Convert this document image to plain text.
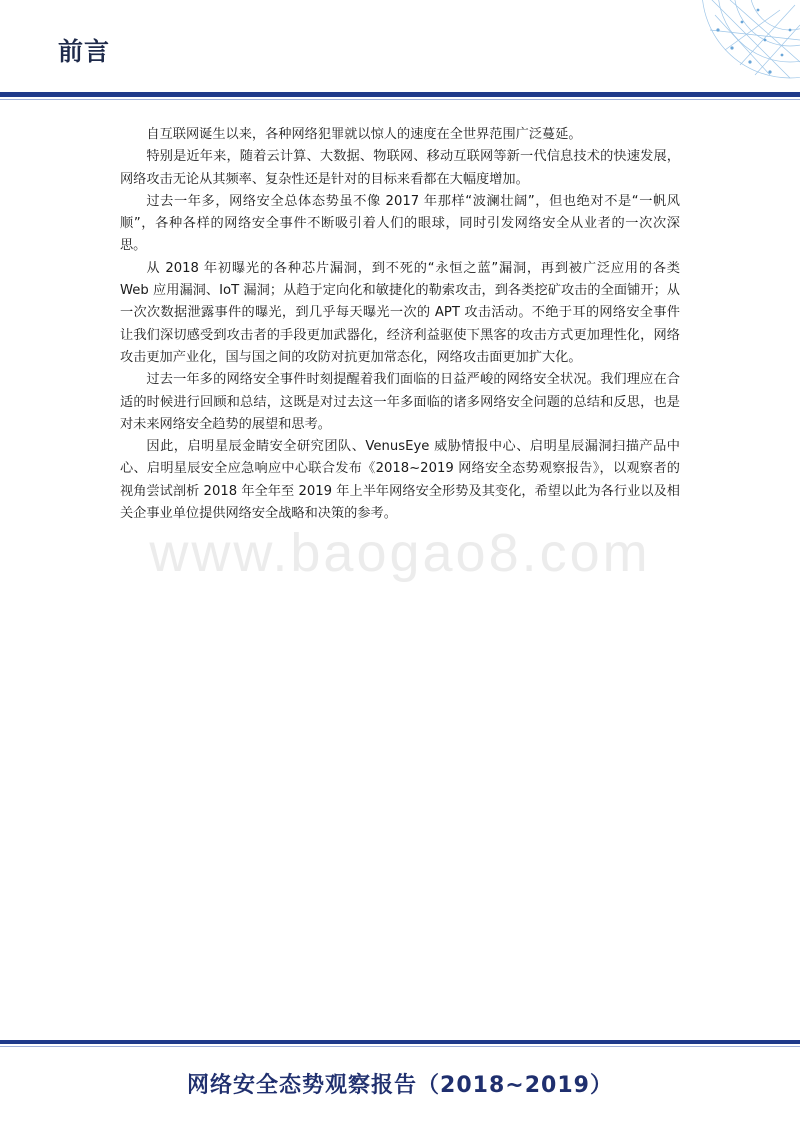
前言

自互联网诞生以来，各种网络犯罪就以惊人的速度在全世界范围广泛蔓延。

特别是近年来，随着云计算、大数据、物联网、移动互联网等新一代信息技术的快速发展，网络攻击无论从其频率、复杂性还是针对的目标来看都在大幅度增加。

过去一年多，网络安全总体态势虽不像 2017 年那样“波澜壮阔”，但也绝对不是“一帆风顺”，各种各样的网络安全事件不断吸引着人们的眼球，同时引发网络安全从业者的一次次深思。

从 2018 年初曝光的各种芯片漏洞，到不死的“永恒之蓝”漏洞，再到被广泛应用的各类 Web 应用漏洞、IoT 漏洞；从趋于定向化和敏捷化的勒索攻击，到各类挖矿攻击的全面铺开；从一次次数据泄露事件的曝光，到几乎每天曝光一次的 APT 攻击活动。不绝于耳的网络安全事件让我们深切感受到攻击者的手段更加武器化，经济利益驱使下黑客的攻击方式更加理性化，网络攻击更加产业化，国与国之间的攻防对抗更加常态化，网络攻击面更加扩大化。

过去一年多的网络安全事件时刻提醒着我们面临的日益严峻的网络安全状况。我们理应在合适的时候进行回顾和总结，这既是对过去这一年多面临的诸多网络安全问题的总结和反思，也是对未来网络安全趋势的展望和思考。

因此，启明星辰金睛安全研究团队、VenusEye 威胁情报中心、启明星辰漏洞扫描产品中心、启明星辰安全应急响应中心联合发布《2018~2019 网络安全态势观察报告》，以观察者的视角尝试剖析 2018 年全年至 2019 年上半年网络安全形势及其变化，希望以此为各行业以及相关企事业单位提供网络安全战略和决策的参考。

www.baogao8.com
网络安全态势观察报告（2018~2019）
